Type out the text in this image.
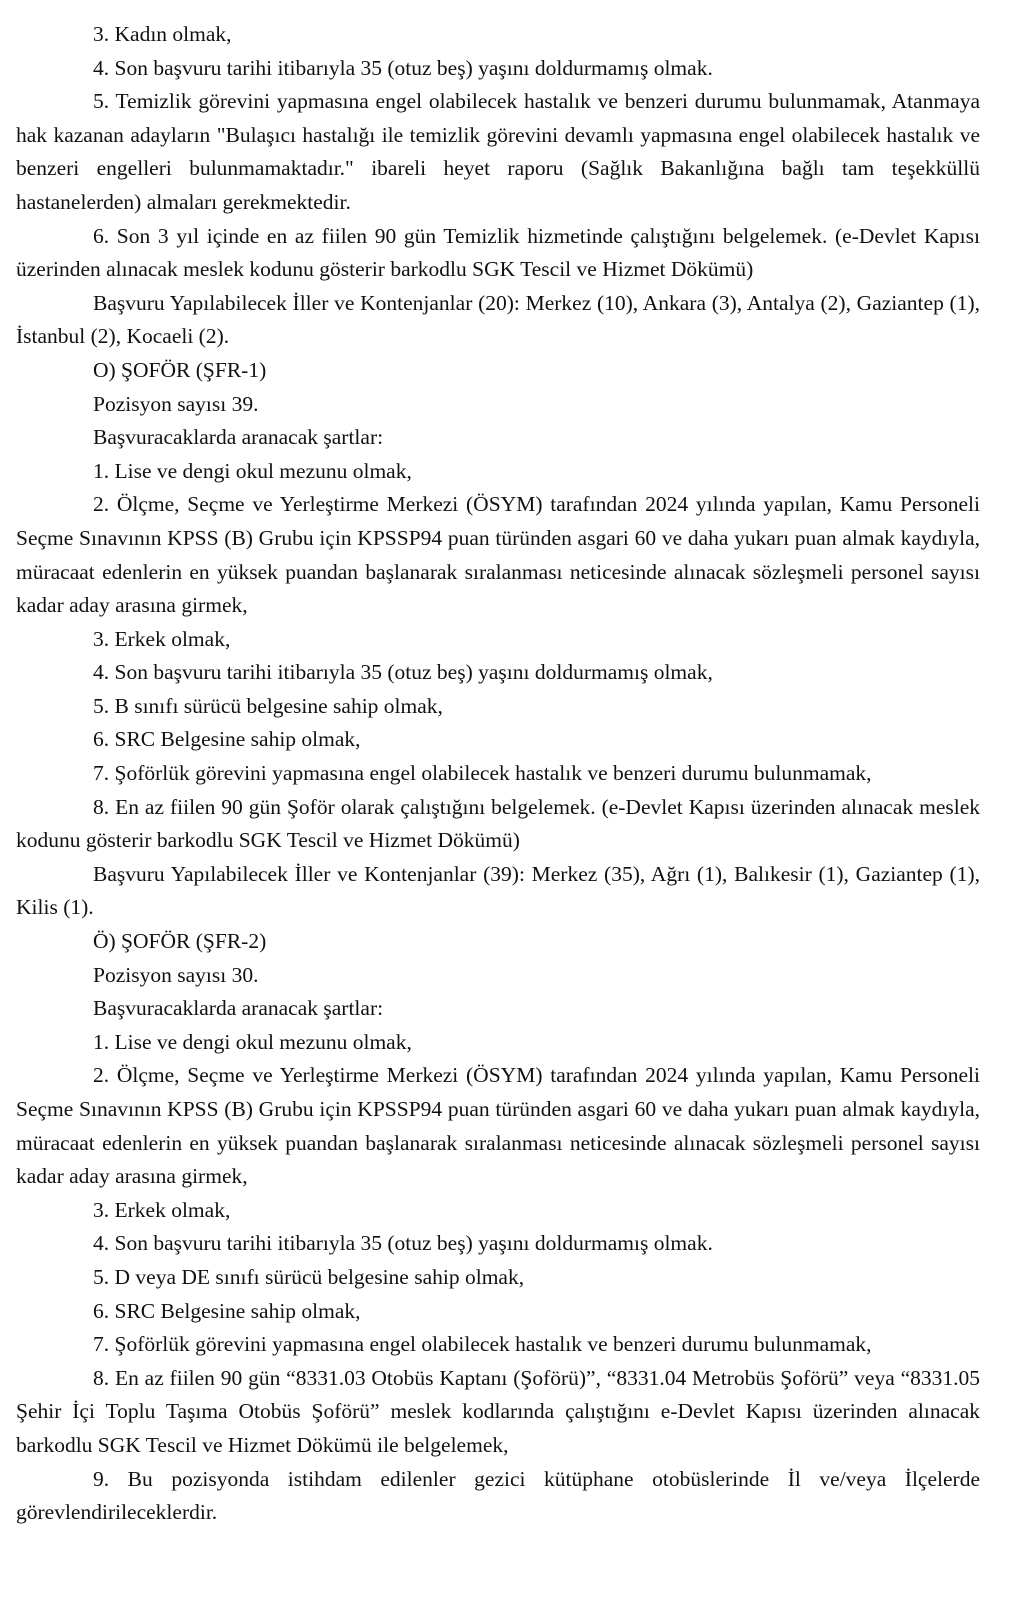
3. Kadın olmak,

4. Son başvuru tarihi itibarıyla 35 (otuz beş) yaşını doldurmamış olmak.

5. Temizlik görevini yapmasına engel olabilecek hastalık ve benzeri durumu bulunmamak, Atanmaya hak kazanan adayların "Bulaşıcı hastalığı ile temizlik görevini devamlı yapmasına engel olabilecek hastalık ve benzeri engelleri bulunmamaktadır." ibareli heyet raporu (Sağlık Bakanlığına bağlı tam teşekküllü hastanelerden) almaları gerekmektedir.

6. Son 3 yıl içinde en az fiilen 90 gün Temizlik hizmetinde çalıştığını belgelemek. (e-Devlet Kapısı üzerinden alınacak meslek kodunu gösterir barkodlu SGK Tescil ve Hizmet Dökümü)

Başvuru Yapılabilecek İller ve Kontenjanlar (20): Merkez (10), Ankara (3), Antalya (2), Gaziantep (1), İstanbul (2), Kocaeli (2).

O) ŞOFÖR (ŞFR-1)

Pozisyon sayısı 39.

Başvuracaklarda aranacak şartlar:

1. Lise ve dengi okul mezunu olmak,

2. Ölçme, Seçme ve Yerleştirme Merkezi (ÖSYM) tarafından 2024 yılında yapılan, Kamu Personeli Seçme Sınavının KPSS (B) Grubu için KPSSP94 puan türünden asgari 60 ve daha yukarı puan almak kaydıyla, müracaat edenlerin en yüksek puandan başlanarak sıralanması neticesinde alınacak sözleşmeli personel sayısı kadar aday arasına girmek,

3. Erkek olmak,

4. Son başvuru tarihi itibarıyla 35 (otuz beş) yaşını doldurmamış olmak,

5. B sınıfı sürücü belgesine sahip olmak,

6. SRC Belgesine sahip olmak,

7. Şoförlük görevini yapmasına engel olabilecek hastalık ve benzeri durumu bulunmamak,

8. En az fiilen 90 gün Şoför olarak çalıştığını belgelemek. (e-Devlet Kapısı üzerinden alınacak meslek kodunu gösterir barkodlu SGK Tescil ve Hizmet Dökümü)

Başvuru Yapılabilecek İller ve Kontenjanlar (39): Merkez (35), Ağrı (1), Balıkesir (1), Gaziantep (1), Kilis (1).

Ö) ŞOFÖR (ŞFR-2)

Pozisyon sayısı 30.

Başvuracaklarda aranacak şartlar:

1. Lise ve dengi okul mezunu olmak,

2. Ölçme, Seçme ve Yerleştirme Merkezi (ÖSYM) tarafından 2024 yılında yapılan, Kamu Personeli Seçme Sınavının KPSS (B) Grubu için KPSSP94 puan türünden asgari 60 ve daha yukarı puan almak kaydıyla, müracaat edenlerin en yüksek puandan başlanarak sıralanması neticesinde alınacak sözleşmeli personel sayısı kadar aday arasına girmek,

3. Erkek olmak,

4. Son başvuru tarihi itibarıyla 35 (otuz beş) yaşını doldurmamış olmak.

5. D veya DE sınıfı sürücü belgesine sahip olmak,

6. SRC Belgesine sahip olmak,

7. Şoförlük görevini yapmasına engel olabilecek hastalık ve benzeri durumu bulunmamak,

8. En az fiilen 90 gün “8331.03 Otobüs Kaptanı (Şoförü)”, “8331.04 Metrobüs Şoförü” veya “8331.05 Şehir İçi Toplu Taşıma Otobüs Şoförü” meslek kodlarında çalıştığını e-Devlet Kapısı üzerinden alınacak barkodlu SGK Tescil ve Hizmet Dökümü ile belgelemek,

9. Bu pozisyonda istihdam edilenler gezici kütüphane otobüslerinde İl ve/veya İlçelerde görevlendirileceklerdir.
